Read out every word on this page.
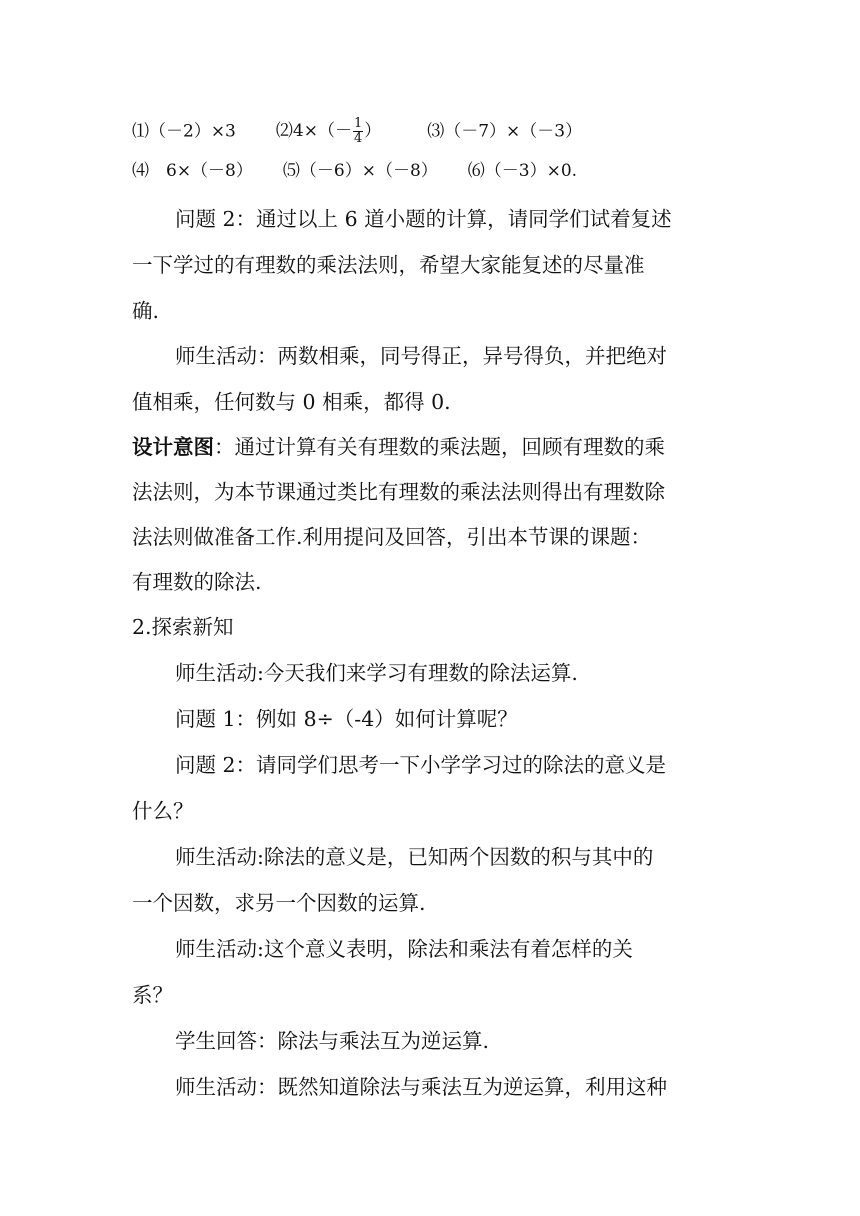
⑴（－2）×3 ⑵4×（－ $\frac{1}{4}$ ）	⑶（－7）×（－3）
⑷　6×（－8） ⑸（－6）×（－8） ⑹（－3）×0.
问题 2：通过以上 6 道小题的计算，请同学们试着复述
一下学过的有理数的乘法法则，希望大家能复述的尽量准
确.
师生活动：两数相乘，同号得正，异号得负，并把绝对
值相乘，任何数与 0 相乘，都得 0.
设计意图：通过计算有关有理数的乘法题，回顾有理数的乘
法法则，为本节课通过类比有理数的乘法法则得出有理数除
法法则做准备工作.利用提问及回答，引出本节课的课题：
有理数的除法.
2.探索新知
师生活动:今天我们来学习有理数的除法运算.
问题 1：例如 8÷（-4）如何计算呢？
问题 2：请同学们思考一下小学学习过的除法的意义是
什么？
师生活动:除法的意义是，已知两个因数的积与其中的
一个因数，求另一个因数的运算.
师生活动:这个意义表明，除法和乘法有着怎样的关
系？
学生回答：除法与乘法互为逆运算.
师生活动：既然知道除法与乘法互为逆运算，利用这种
